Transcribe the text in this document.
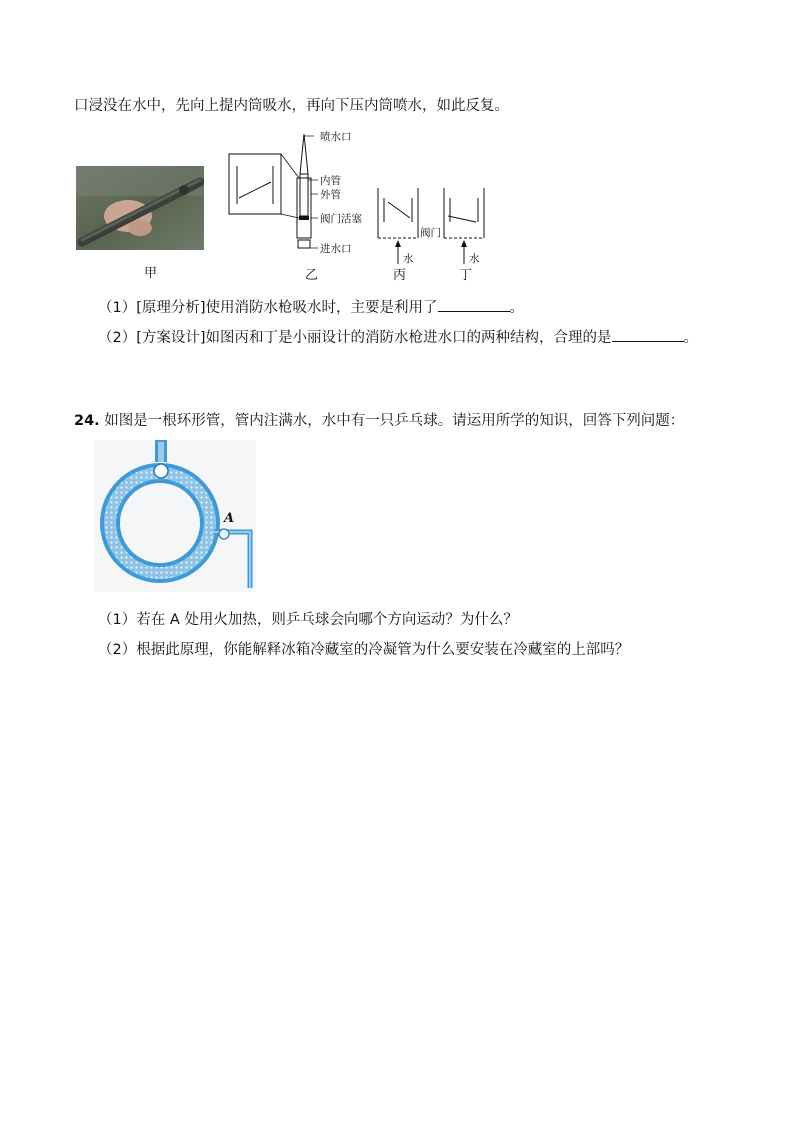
口浸没在水中，先向上提内筒吸水，再向下压内筒喷水，如此反复。
甲
喷水口
内管
外管
阀门活塞
进水口
乙
阀门
水
丙
水
丁
（1）[原理分析]使用消防水枪吸水时，主要是利用了	。
（2）[方案设计]如图丙和丁是小丽设计的消防水枪进水口的两种结构，合理的是	。
24. 如图是一根环形管，管内注满水，水中有一只乒乓球。请运用所学的知识，回答下列问题：
A
（1）若在 A 处用火加热，则乒乓球会向哪个方向运动？为什么？
（2）根据此原理，你能解释冰箱冷藏室的冷凝管为什么要安装在冷藏室的上部吗？
